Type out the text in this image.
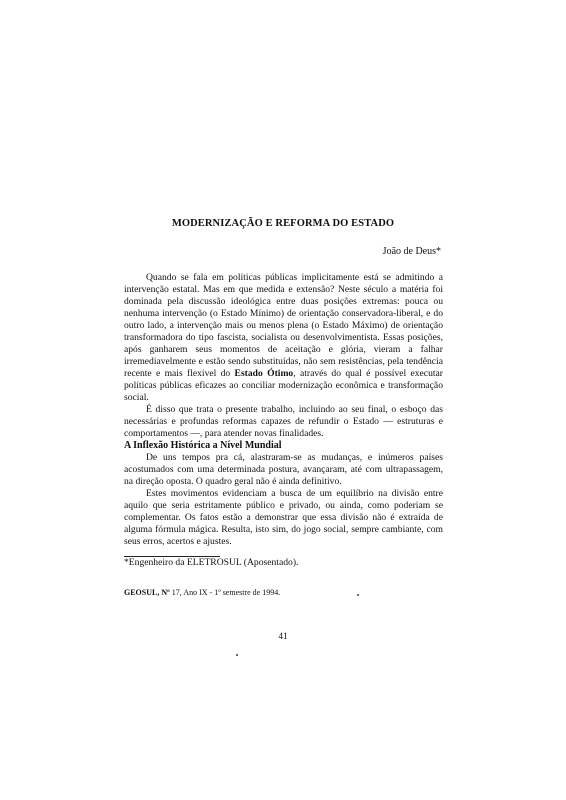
MODERNIZAÇÃO E REFORMA DO ESTADO
João de Deus*

Quando se fala em políticas públicas implicitamente está se admitindo a intervenção estatal. Mas em que medida e extensão? Neste século a matéria foi dominada pela discussão ideológica entre duas posições extremas: pouca ou nenhuma intervenção (o Estado Mínimo) de orientação conservadora-liberal, e do outro lado, a intervenção mais ou menos plena (o Estado Máximo) de orientação transformadora do tipo fascista, socialista ou desenvolvimentista. Essas posições, após ganharem seus momentos de aceitação e glória, vieram a falhar irremediavelmente e estão sendo substituídas, não sem resistências, pela tendência recente e mais flexível do Estado Ótimo, através do qual é possível executar políticas públicas eficazes ao conciliar modernização econômica e transformação social.

É disso que trata o presente trabalho, incluindo ao seu final, o esboço das necessárias e profundas reformas capazes de refundir o Estado — estruturas e comportamentos —, para atender novas finalidades.

A Inflexão Histórica a Nível Mundial

De uns tempos pra cá, alastraram-se as mudanças, e inúmeros países acostumados com uma determinada postura, avançaram, até com ultrapassagem, na direção oposta. O quadro geral não é ainda definitivo.

Estes movimentos evidenciam a busca de um equilíbrio na divisão entre aquilo que seria estritamente público e privado, ou ainda, como poderiam se complementar. Os fatos estão a demonstrar que essa divisão não é extraída de alguma fórmula mágica. Resulta, isto sim, do jogo social, sempre cambiante, com seus erros, acertos e ajustes.

*Engenheiro da ELETROSUL (Aposentado).

GEOSUL, Nº 17, Ano IX - 1º semestre de 1994.
41
